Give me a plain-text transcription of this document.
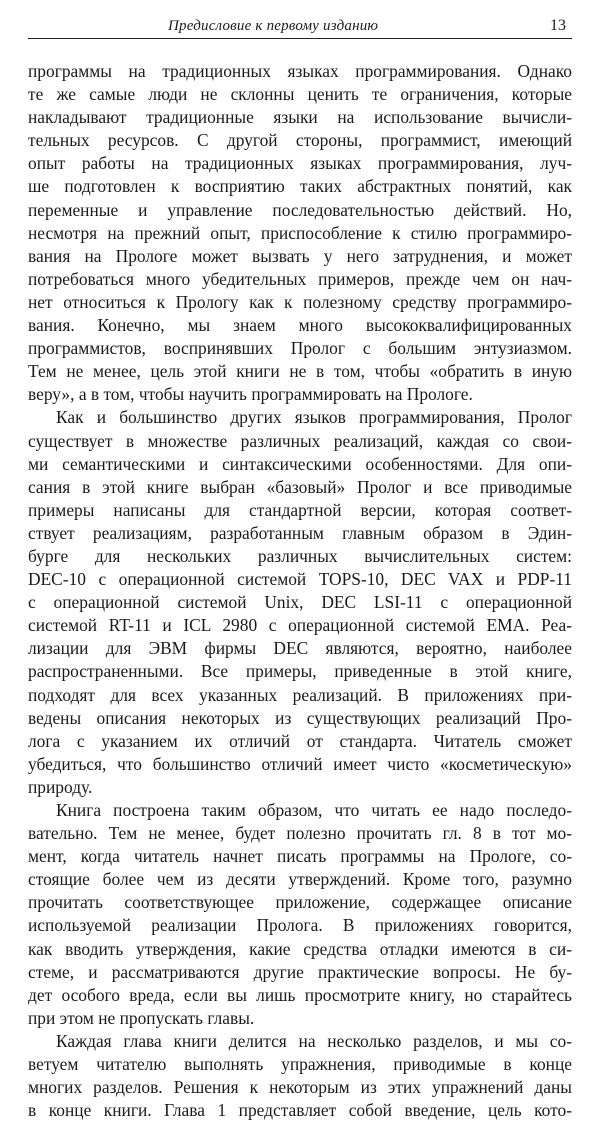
Предисловие к первому изданию	13
программы на традиционных языках программирования. Однако
те же самые люди не склонны ценить те ограничения, которые
накладывают традиционные языки на использование вычисли-
тельных ресурсов. С другой стороны, программист, имеющий
опыт работы на традиционных языках программирования, луч-
ше подготовлен к восприятию таких абстрактных понятий, как
переменные и управление последовательностью действий. Но,
несмотря на прежний опыт, приспособление к стилю программиро-
вания на Прологе может вызвать у него затруднения, и может
потребоваться много убедительных примеров, прежде чем он нач-
нет относиться к Прологу как к полезному средству программиро-
вания. Конечно, мы знаем много высококвалифицированных
программистов, воспринявших Пролог с большим энтузиазмом.
Тем не менее, цель этой книги не в том, чтобы «обратить в иную
веру», а в том, чтобы научить программировать на Прологе.
Как и большинство других языков программирования, Пролог
существует в множестве различных реализаций, каждая со свои-
ми семантическими и синтаксическими особенностями. Для опи-
сания в этой книге выбран «базовый» Пролог и все приводимые
примеры написаны для стандартной версии, которая соответ-
ствует реализациям, разработанным главным образом в Эдин-
бурге для нескольких различных вычислительных систем:
DEC-10 с операционной системой TOPS-10, DEC VAX и PDP-11
с операционной системой Unix, DEC LSI-11 с операционной
системой RT-11 и ICL 2980 с операционной системой EMA. Реа-
лизации для ЭВМ фирмы DEC являются, вероятно, наиболее
распространенными. Все примеры, приведенные в этой книге,
подходят для всех указанных реализаций. В приложениях при-
ведены описания некоторых из существующих реализаций Про-
лога с указанием их отличий от стандарта. Читатель сможет
убедиться, что большинство отличий имеет чисто «косметическую»
природу.
Книга построена таким образом, что читать ее надо последо-
вательно. Тем не менее, будет полезно прочитать гл. 8 в тот мо-
мент, когда читатель начнет писать программы на Прологе, со-
стоящие более чем из десяти утверждений. Кроме того, разумно
прочитать соответствующее приложение, содержащее описание
используемой реализации Пролога. В приложениях говорится,
как вводить утверждения, какие средства отладки имеются в си-
стеме, и рассматриваются другие практические вопросы. Не бу-
дет особого вреда, если вы лишь просмотрите книгу, но старайтесь
при этом не пропускать главы.
Каждая глава книги делится на несколько разделов, и мы со-
ветуем читателю выполнять упражнения, приводимые в конце
многих разделов. Решения к некоторым из этих упражнений даны
в конце книги. Глава 1 представляет собой введение, цель кото-
